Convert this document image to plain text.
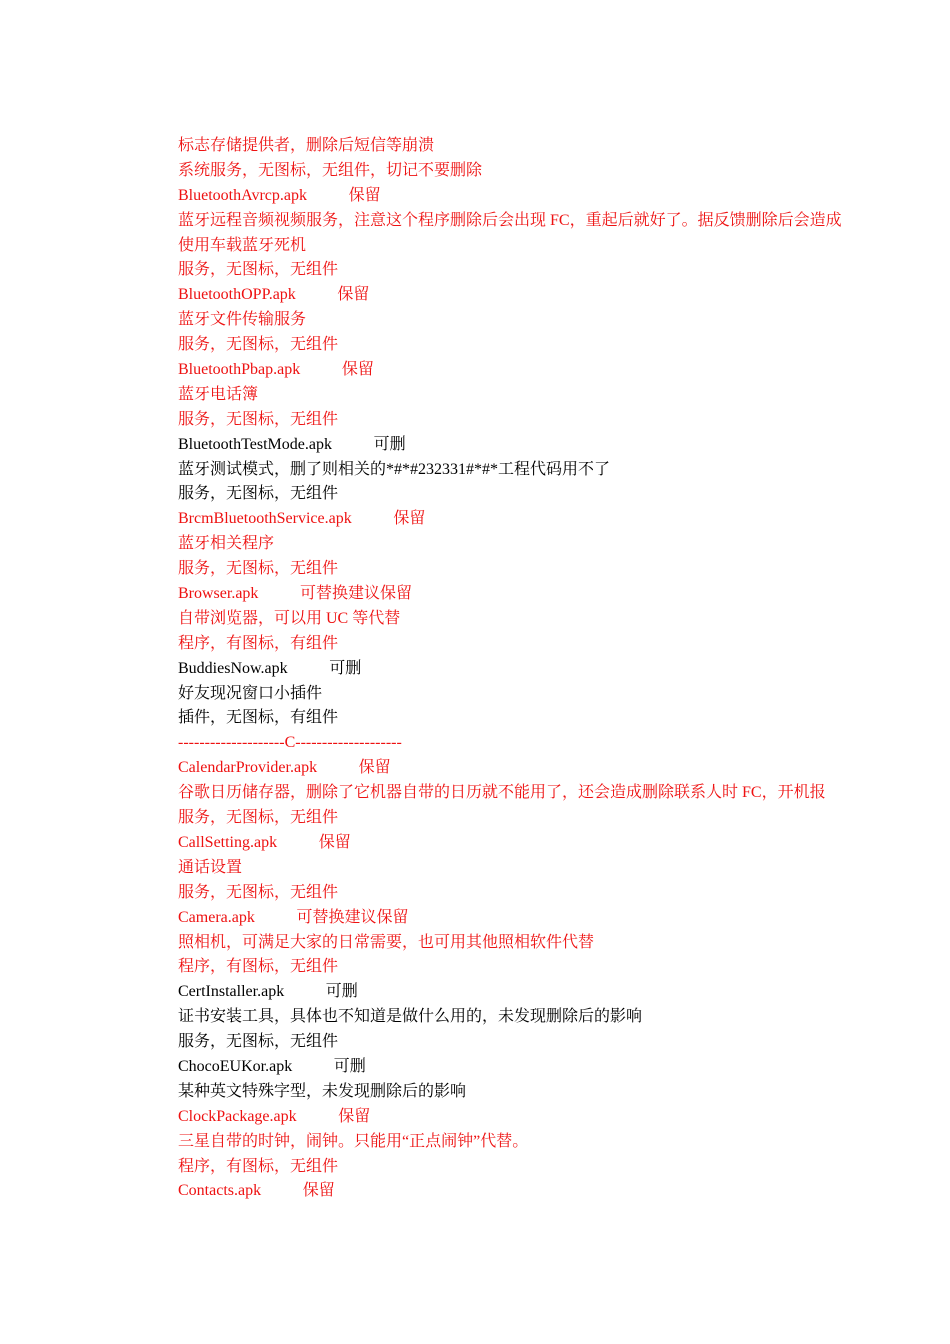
标志存储提供者，删除后短信等崩溃
系统服务，无图标，无组件，切记不要删除
BluetoothAvrcp.apk	保留
蓝牙远程音频视频服务，注意这个程序删除后会出现 FC，重起后就好了。据反馈删除后会造成
使用车载蓝牙死机
服务，无图标，无组件
BluetoothOPP.apk	保留
蓝牙文件传输服务
服务，无图标，无组件
BluetoothPbap.apk	保留
蓝牙电话簿
服务，无图标，无组件
BluetoothTestMode.apk	可删
蓝牙测试模式，删了则相关的*#*#232331#*#*工程代码用不了
服务，无图标，无组件
BrcmBluetoothService.apk	保留
蓝牙相关程序
服务，无图标，无组件
Browser.apk	可替换建议保留
自带浏览器，可以用 UC 等代替
程序，有图标，有组件
BuddiesNow.apk	可删
好友现况窗口小插件
插件，无图标，有组件
--------------------C--------------------
CalendarProvider.apk	保留
谷歌日历储存器，删除了它机器自带的日历就不能用了，还会造成删除联系人时 FC，开机报
服务，无图标，无组件
CallSetting.apk	保留
通话设置
服务，无图标，无组件
Camera.apk	可替换建议保留
照相机，可满足大家的日常需要，也可用其他照相软件代替
程序，有图标，无组件
CertInstaller.apk	可删
证书安装工具，具体也不知道是做什么用的，未发现删除后的影响
服务，无图标，无组件
ChocoEUKor.apk	可删
某种英文特殊字型，未发现删除后的影响
ClockPackage.apk	保留
三星自带的时钟，闹钟。只能用“正点闹钟”代替。
程序，有图标，无组件
Contacts.apk	保留
